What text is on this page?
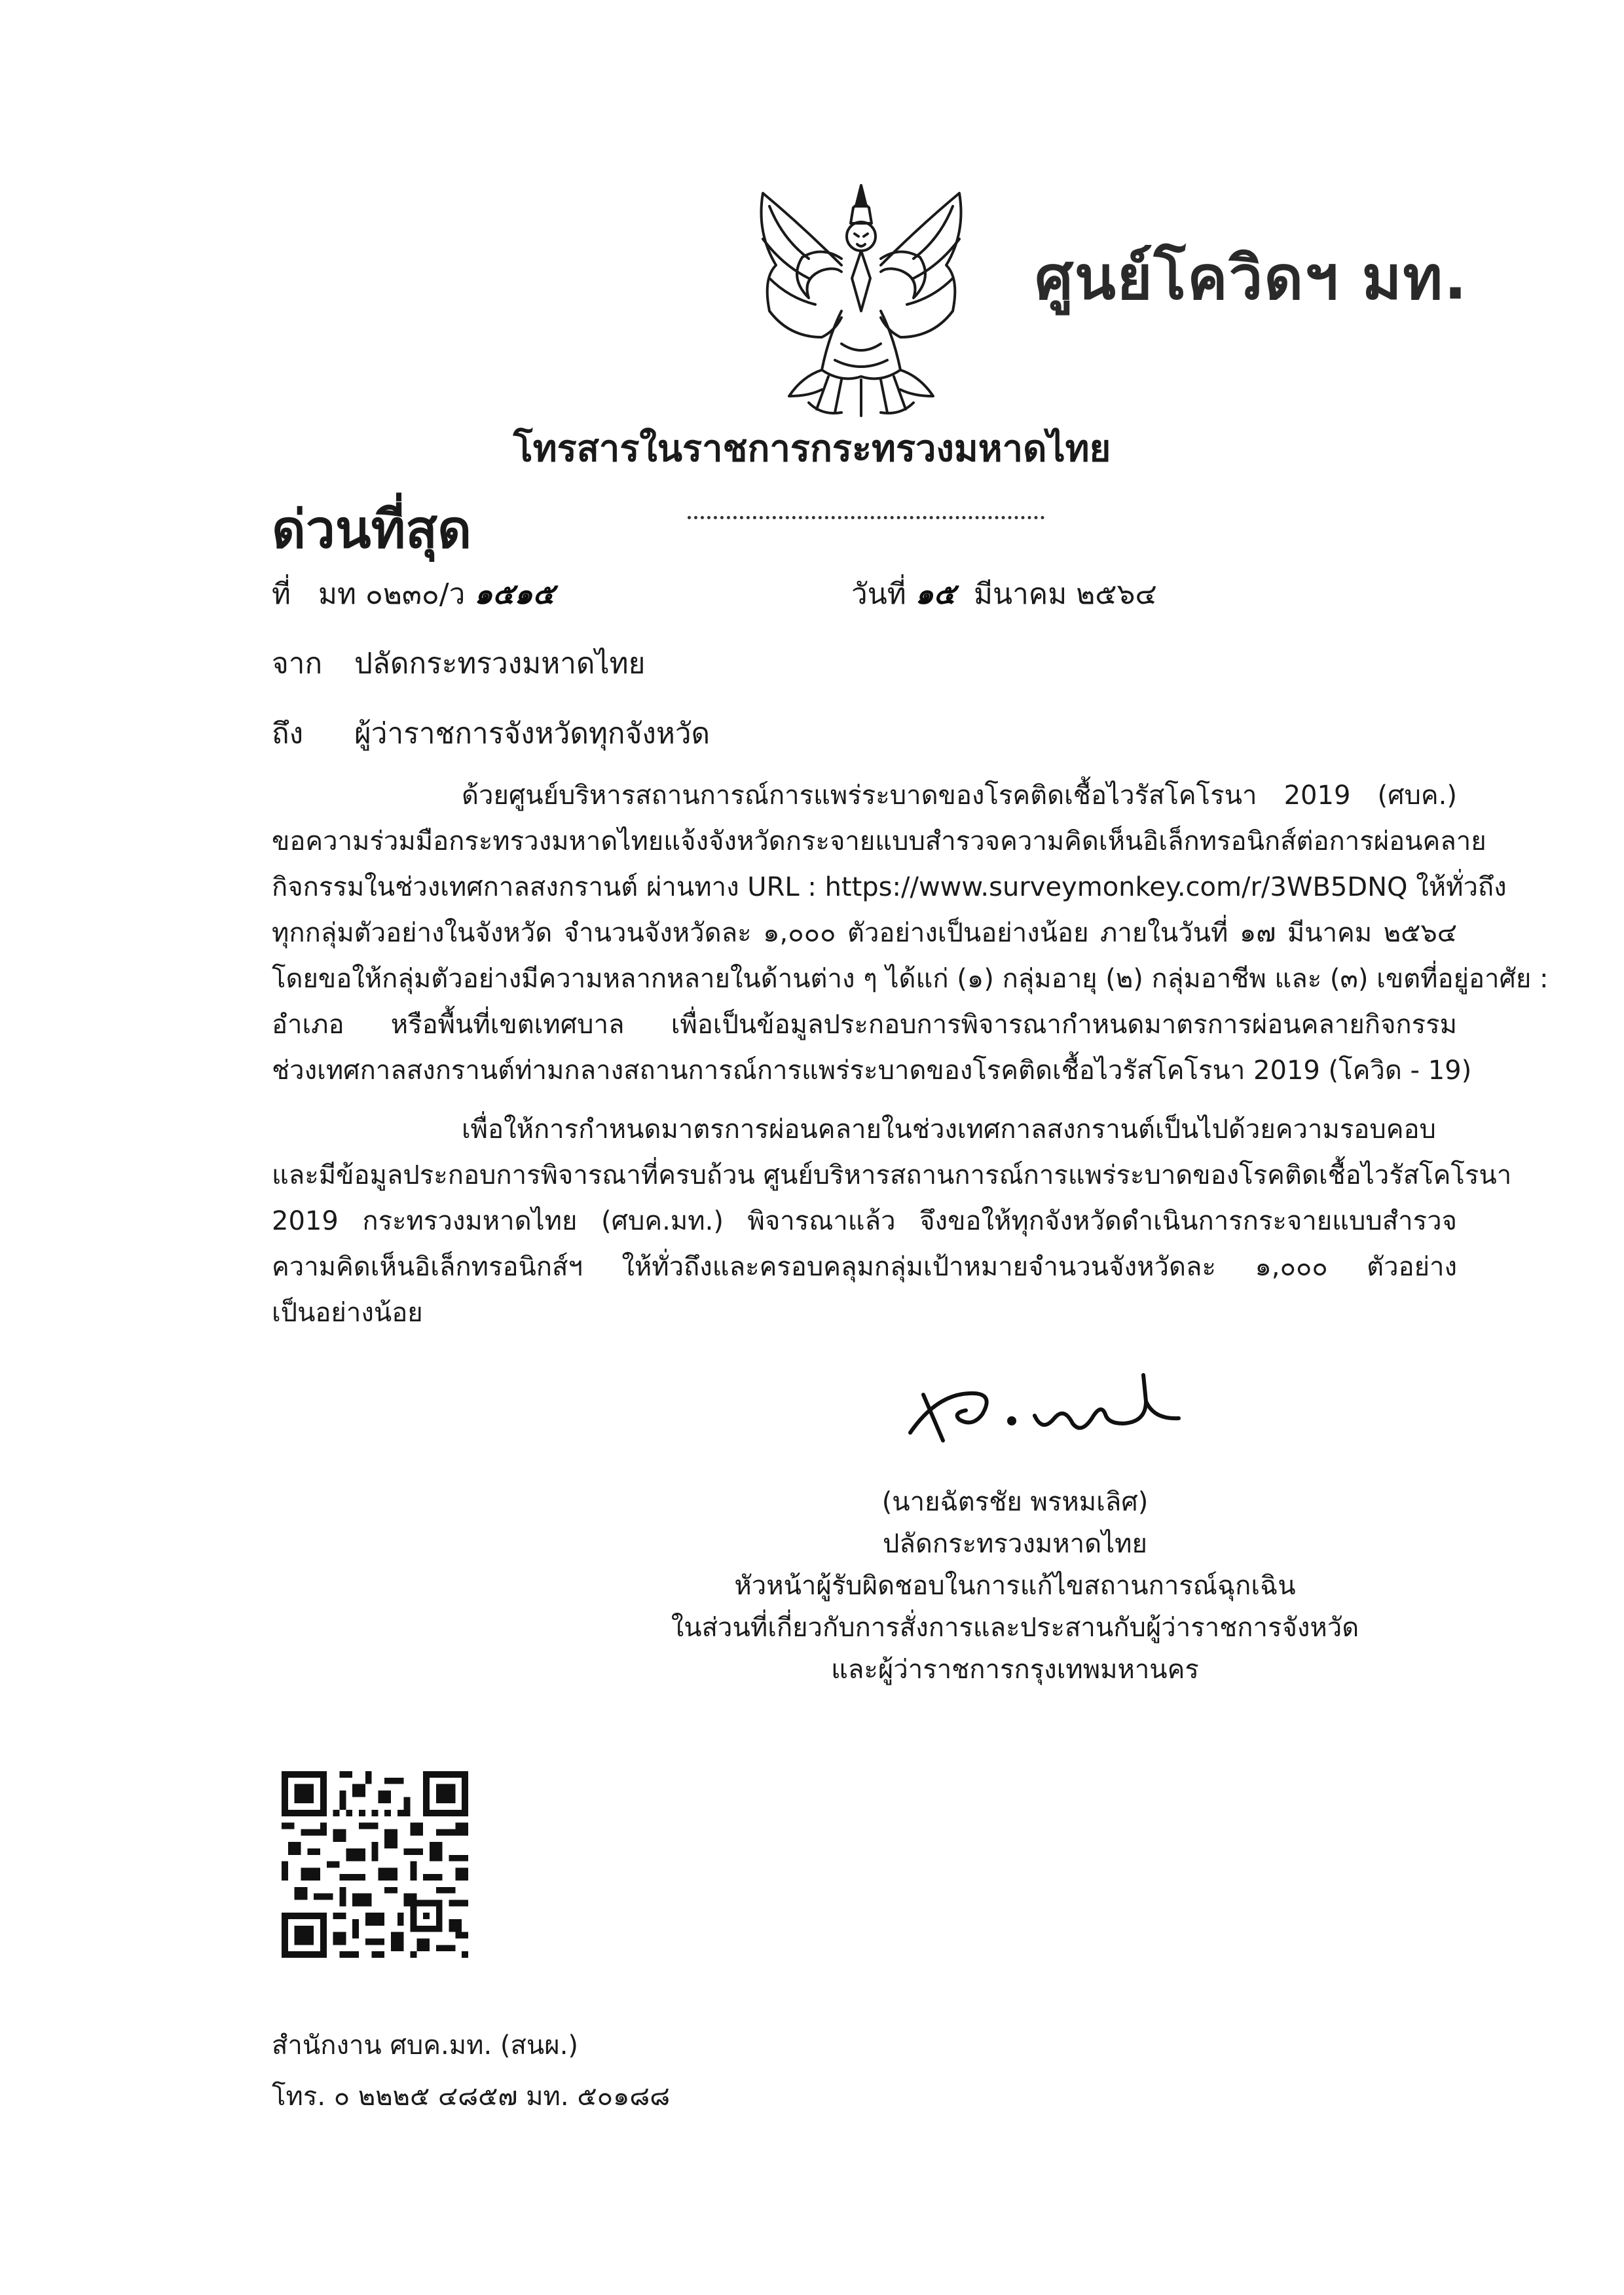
ศูนย์โควิดฯ มท.
โทรสารในราชการกระทรวงมหาดไทย
ด่วนที่สุด
ที่ มท ๐๒๓๐/ว ๑๕๑๕	วันที่ ๑๕ มีนาคม ๒๕๖๔
จาก ปลัดกระทรวงมหาดไทย
ถึง ผู้ว่าราชการจังหวัดทุกจังหวัด
ด้วยศูนย์บริหารสถานการณ์การแพร่ระบาดของโรคติดเชื้อไวรัสโคโรนา 2019 (ศบค.)
ขอความร่วมมือกระทรวงมหาดไทยแจ้งจังหวัดกระจายแบบสำรวจความคิดเห็นอิเล็กทรอนิกส์ต่อการผ่อนคลาย
กิจกรรมในช่วงเทศกาลสงกรานต์ ผ่านทาง URL : https://www.surveymonkey.com/r/3WB5DNQ ให้ทั่วถึง
ทุกกลุ่มตัวอย่างในจังหวัด จำนวนจังหวัดละ ๑,๐๐๐ ตัวอย่างเป็นอย่างน้อย ภายในวันที่ ๑๗ มีนาคม ๒๕๖๔
โดยขอให้กลุ่มตัวอย่างมีความหลากหลายในด้านต่าง ๆ ได้แก่ (๑) กลุ่มอายุ (๒) กลุ่มอาชีพ และ (๓) เขตที่อยู่อาศัย :
อำเภอ หรือพื้นที่เขตเทศบาล เพื่อเป็นข้อมูลประกอบการพิจารณากำหนดมาตรการผ่อนคลายกิจกรรม
ช่วงเทศกาลสงกรานต์ท่ามกลางสถานการณ์การแพร่ระบาดของโรคติดเชื้อไวรัสโคโรนา 2019 (โควิด - 19)
เพื่อให้การกำหนดมาตรการผ่อนคลายในช่วงเทศกาลสงกรานต์เป็นไปด้วยความรอบคอบ
และมีข้อมูลประกอบการพิจารณาที่ครบถ้วน ศูนย์บริหารสถานการณ์การแพร่ระบาดของโรคติดเชื้อไวรัสโคโรนา
2019 กระทรวงมหาดไทย (ศบค.มท.) พิจารณาแล้ว จึงขอให้ทุกจังหวัดดำเนินการกระจายแบบสำรวจ
ความคิดเห็นอิเล็กทรอนิกส์ฯ ให้ทั่วถึงและครอบคลุมกลุ่มเป้าหมายจำนวนจังหวัดละ ๑,๐๐๐ ตัวอย่าง
เป็นอย่างน้อย
(นายฉัตรชัย พรหมเลิศ)
ปลัดกระทรวงมหาดไทย
หัวหน้าผู้รับผิดชอบในการแก้ไขสถานการณ์ฉุกเฉิน
ในส่วนที่เกี่ยวกับการสั่งการและประสานกับผู้ว่าราชการจังหวัด
และผู้ว่าราชการกรุงเทพมหานคร
สำนักงาน ศบค.มท. (สนผ.)
โทร. ๐ ๒๒๒๕ ๔๘๕๗ มท. ๕๐๑๘๘
